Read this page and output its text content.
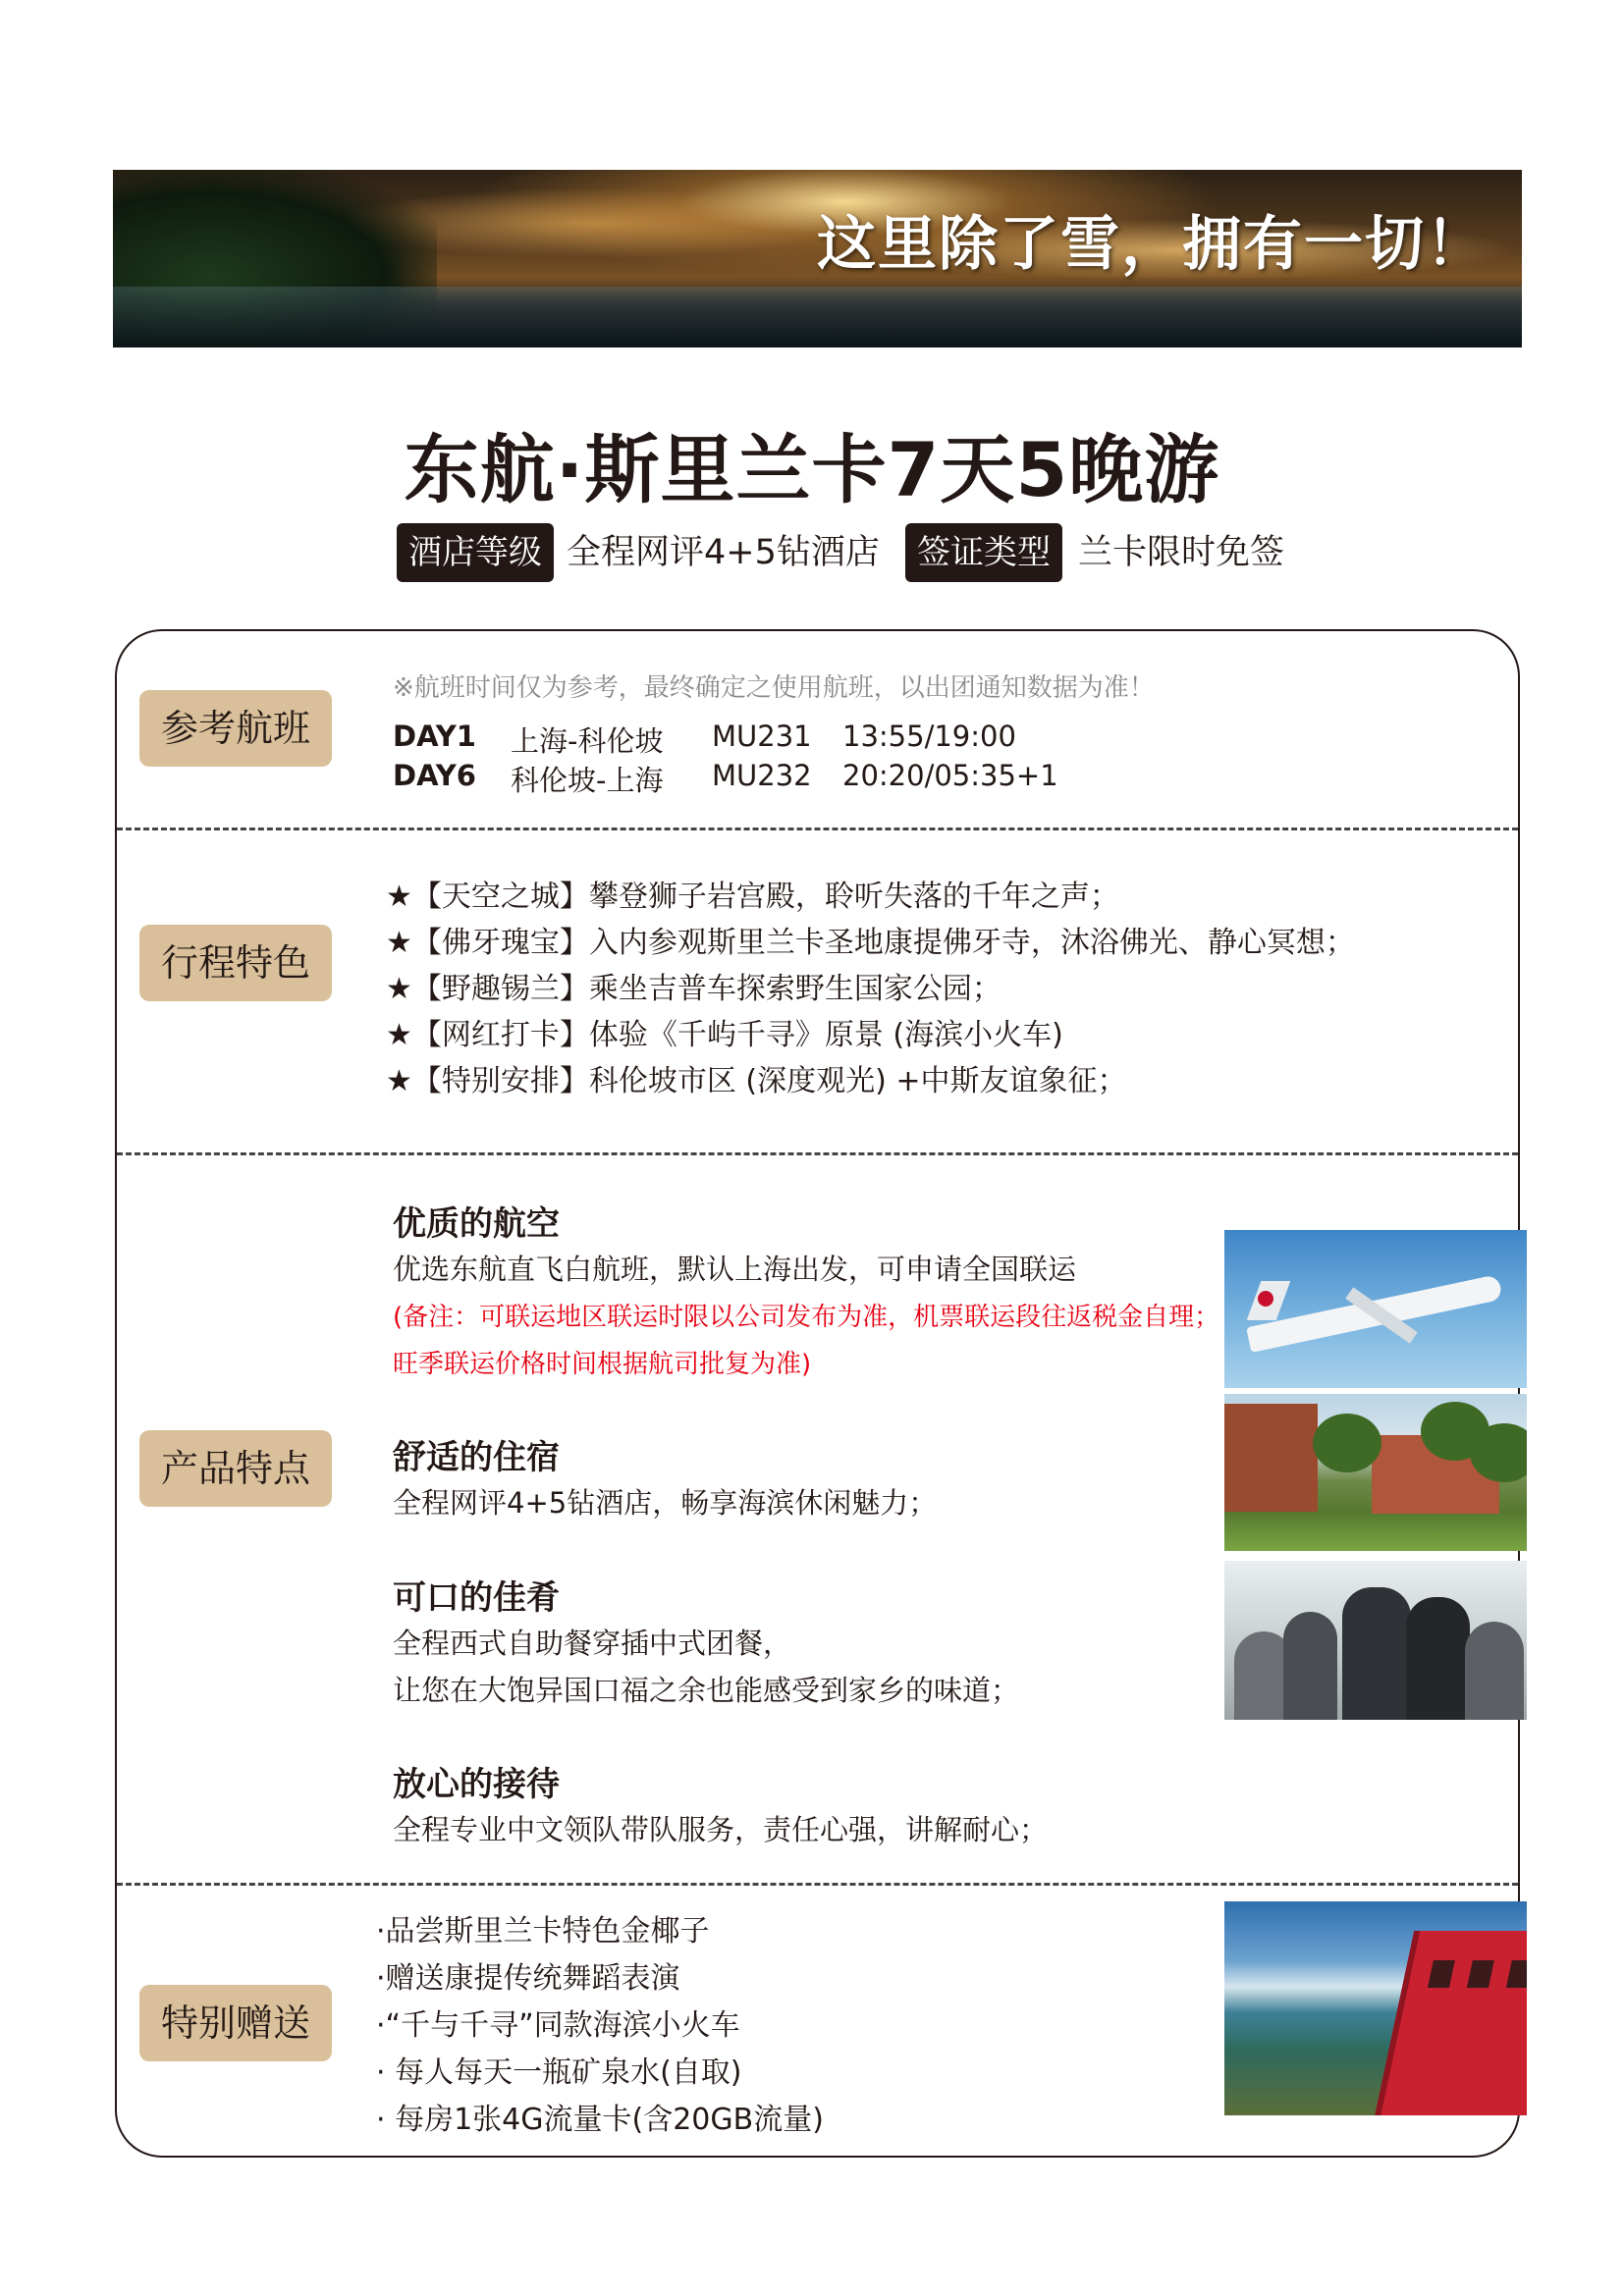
这里除了雪，拥有一切！
东航·斯里兰卡7天5晚游
酒店等级 全程网评4+5钻酒店	签证类型 兰卡限时免签
参考航班
※航班时间仅为参考，最终确定之使用航班，以出团通知数据为准！
DAY1 上海-科伦坡 MU231 13:55/19:00
DAY6 科伦坡-上海 MU232 20:20/05:35+1
行程特色
★【天空之城】攀登狮子岩宫殿，聆听失落的千年之声；
★【佛牙瑰宝】入内参观斯里兰卡圣地康提佛牙寺，沐浴佛光、静心冥想；
★【野趣锡兰】乘坐吉普车探索野生国家公园；
★【网红打卡】体验《千屿千寻》原景 (海滨小火车)
★【特别安排】科伦坡市区 (深度观光) +中斯友谊象征；
产品特点
优质的航空
优选东航直飞白航班，默认上海出发，可申请全国联运
(备注：可联运地区联运时限以公司发布为准，机票联运段往返税金自理；
旺季联运价格时间根据航司批复为准)
舒适的住宿
全程网评4+5钻酒店，畅享海滨休闲魅力；
可口的佳肴
全程西式自助餐穿插中式团餐，
让您在大饱异国口福之余也能感受到家乡的味道；
放心的接待
全程专业中文领队带队服务，责任心强，讲解耐心；
特别赠送
·品尝斯里兰卡特色金椰子
·赠送康提传统舞蹈表演
·“千与千寻”同款海滨小火车
· 每人每天一瓶矿泉水(自取)
· 每房1张4G流量卡(含20GB流量)
